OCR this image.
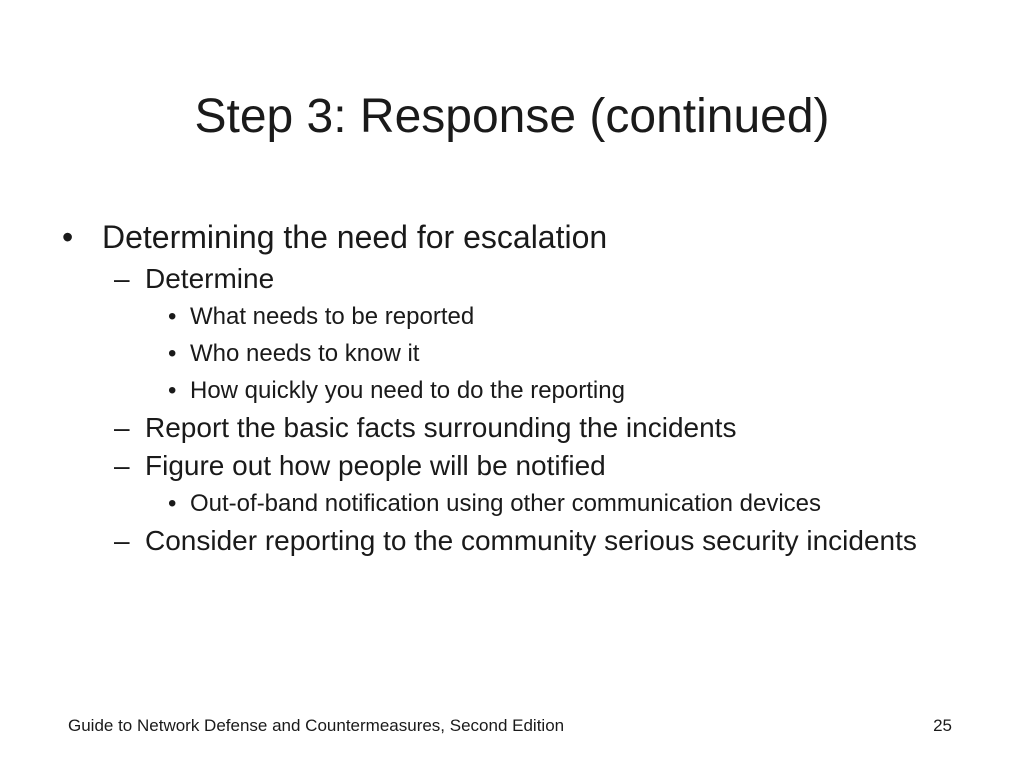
Step 3: Response (continued)
• Determining the need for escalation
– Determine
• What needs to be reported
• Who needs to know it
• How quickly you need to do the reporting
– Report the basic facts surrounding the incidents
– Figure out how people will be notified
• Out-of-band notification using other communication devices
– Consider reporting to the community serious security incidents
Guide to Network Defense and Countermeasures, Second Edition	25
